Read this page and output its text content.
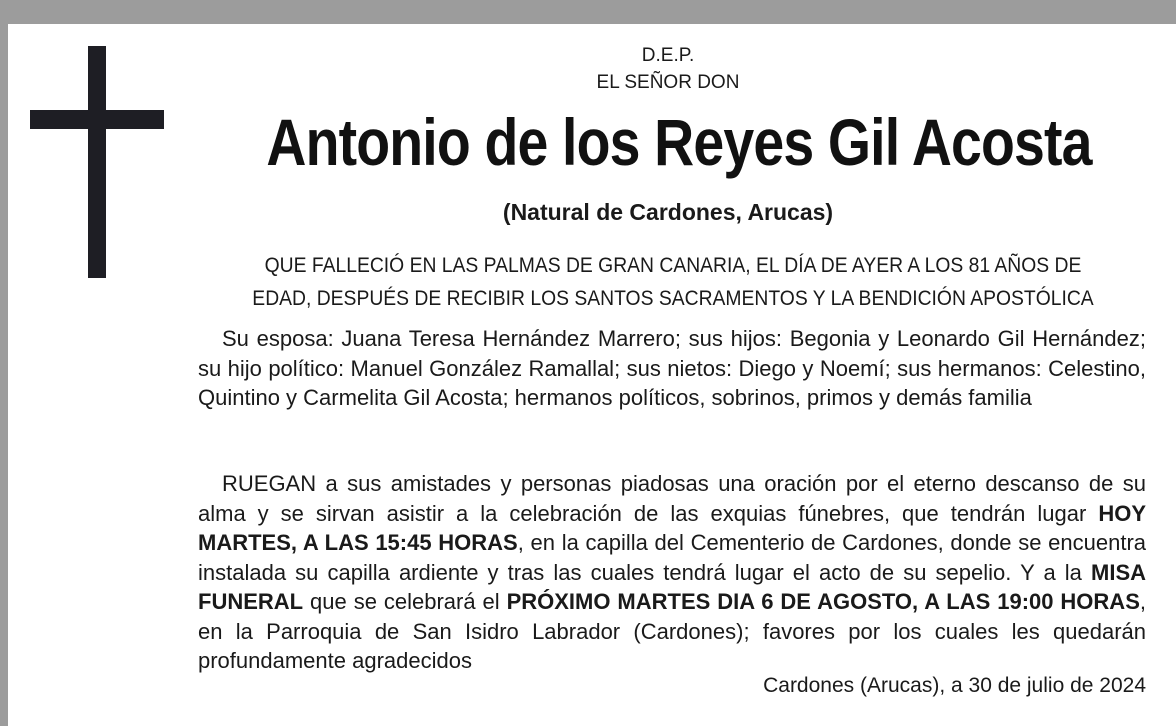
D.E.P.
EL SEÑOR DON
Antonio de los Reyes Gil Acosta
(Natural de Cardones, Arucas)
QUE FALLECIÓ EN LAS PALMAS DE GRAN CANARIA, EL DÍA DE AYER A LOS 81 AÑOS DE
EDAD, DESPUÉS DE RECIBIR LOS SANTOS SACRAMENTOS Y LA BENDICIÓN APOSTÓLICA

Su esposa: Juana Teresa Hernández Marrero; sus hijos: Begonia y Leonardo Gil Hernández; su hijo político: Manuel González Ramallal; sus nietos: Diego y Noemí; sus hermanos: Celestino, Quintino y Carmelita Gil Acosta; hermanos políticos, sobrinos, primos y demás familia

RUEGAN a sus amistades y personas piadosas una oración por el eterno descanso de su alma y se sirvan asistir a la celebración de las exquias fúnebres, que tendrán lugar HOY MARTES, A LAS 15:45 HORAS, en la capilla del Cementerio de Cardones, donde se encuentra instalada su capilla ardiente y tras las cuales tendrá lugar el acto de su sepelio. Y a la MISA FUNERAL que se celebrará el PRÓXIMO MARTES DIA 6 DE AGOSTO, A LAS 19:00 HORAS, en la Parroquia de San Isidro Labrador (Cardones); favores por los cuales les quedarán profundamente agradecidos

Cardones (Arucas), a 30 de julio de 2024
